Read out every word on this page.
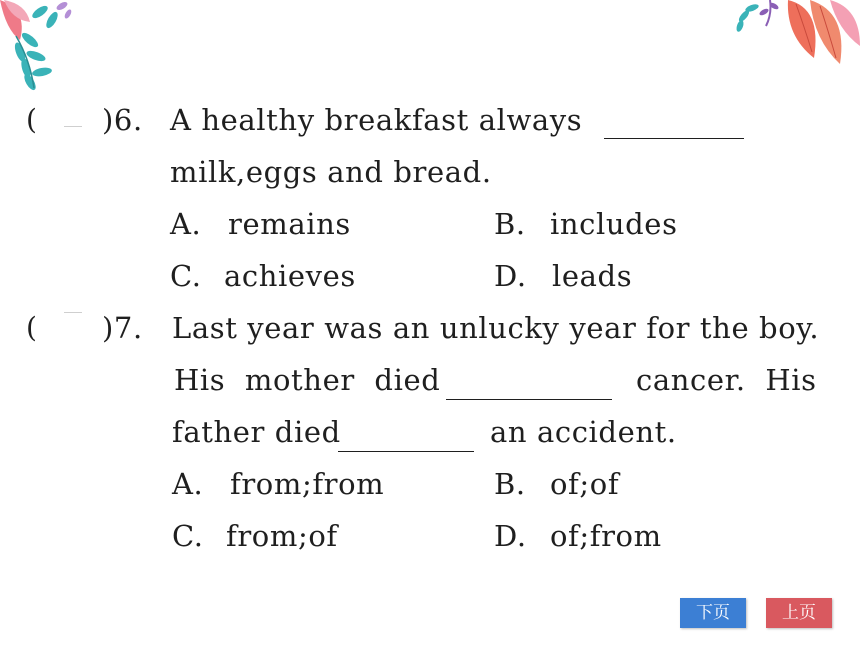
( )6. A healthy breakfast always
milk,eggs and bread.
A. remains	B. includes
C. achieves	D. leads
( )7. Last year was an unlucky year for the boy.
His  mother  died	cancer.  His
father died	an accident.
A. from;from	B. of;of
C. from;of	D. of;from
下页	上页
